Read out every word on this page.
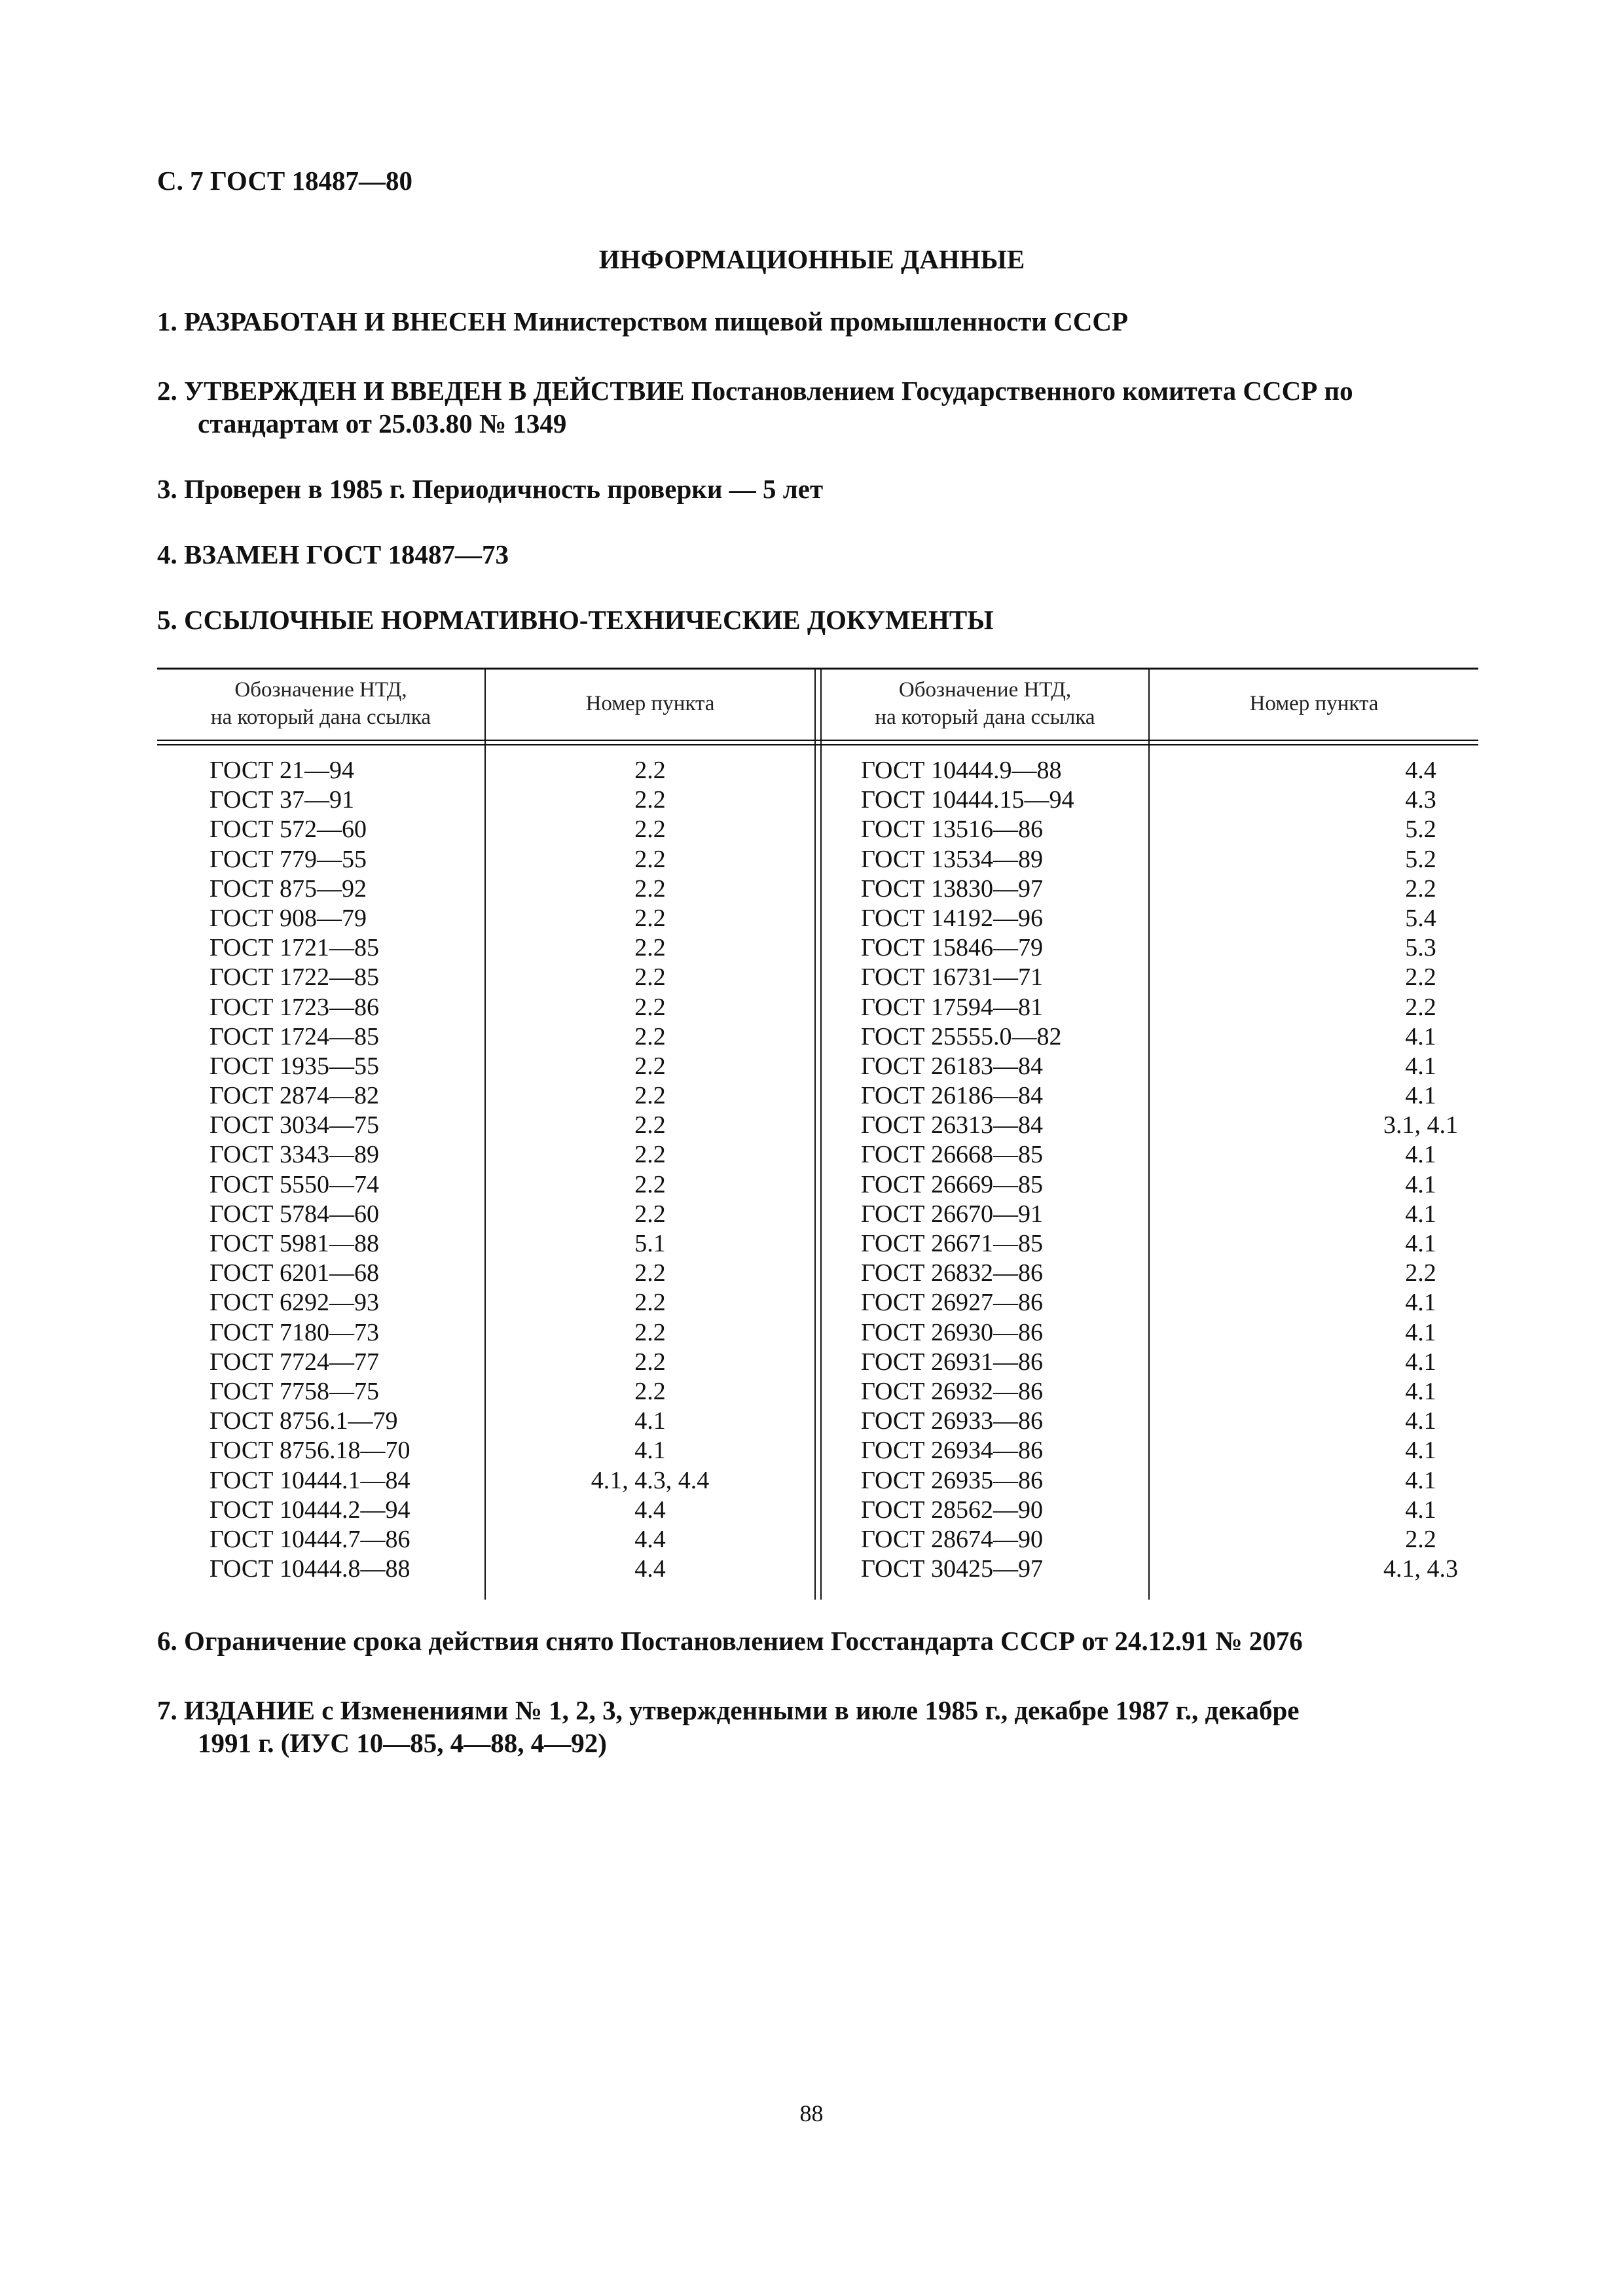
С. 7 ГОСТ 18487—80
ИНФОРМАЦИОННЫЕ ДАННЫЕ
1. РАЗРАБОТАН И ВНЕСЕН Министерством пищевой промышленности СССР
2. УТВЕРЖДЕН И ВВЕДЕН В ДЕЙСТВИЕ Постановлением Государственного комитета СССР по
стандартам от 25.03.80 № 1349
3. Проверен в 1985 г. Периодичность проверки — 5 лет
4. ВЗАМЕН ГОСТ 18487—73
5. ССЫЛОЧНЫЕ НОРМАТИВНО-ТЕХНИЧЕСКИЕ ДОКУМЕНТЫ
Обозначение НТД,
на который дана ссылка
Номер пункта
Обозначение НТД,
на который дана ссылка
Номер пункта
ГОСТ 21—94
ГОСТ 37—91
ГОСТ 572—60
ГОСТ 779—55
ГОСТ 875—92
ГОСТ 908—79
ГОСТ 1721—85
ГОСТ 1722—85
ГОСТ 1723—86
ГОСТ 1724—85
ГОСТ 1935—55
ГОСТ 2874—82
ГОСТ 3034—75
ГОСТ 3343—89
ГОСТ 5550—74
ГОСТ 5784—60
ГОСТ 5981—88
ГОСТ 6201—68
ГОСТ 6292—93
ГОСТ 7180—73
ГОСТ 7724—77
ГОСТ 7758—75
ГОСТ 8756.1—79
ГОСТ 8756.18—70
ГОСТ 10444.1—84
ГОСТ 10444.2—94
ГОСТ 10444.7—86
ГОСТ 10444.8—88
2.2
2.2
2.2
2.2
2.2
2.2
2.2
2.2
2.2
2.2
2.2
2.2
2.2
2.2
2.2
2.2
5.1
2.2
2.2
2.2
2.2
2.2
4.1
4.1
4.1, 4.3, 4.4
4.4
4.4
4.4
ГОСТ 10444.9—88
ГОСТ 10444.15—94
ГОСТ 13516—86
ГОСТ 13534—89
ГОСТ 13830—97
ГОСТ 14192—96
ГОСТ 15846—79
ГОСТ 16731—71
ГОСТ 17594—81
ГОСТ 25555.0—82
ГОСТ 26183—84
ГОСТ 26186—84
ГОСТ 26313—84
ГОСТ 26668—85
ГОСТ 26669—85
ГОСТ 26670—91
ГОСТ 26671—85
ГОСТ 26832—86
ГОСТ 26927—86
ГОСТ 26930—86
ГОСТ 26931—86
ГОСТ 26932—86
ГОСТ 26933—86
ГОСТ 26934—86
ГОСТ 26935—86
ГОСТ 28562—90
ГОСТ 28674—90
ГОСТ 30425—97
4.4
4.3
5.2
5.2
2.2
5.4
5.3
2.2
2.2
4.1
4.1
4.1
3.1, 4.1
4.1
4.1
4.1
4.1
2.2
4.1
4.1
4.1
4.1
4.1
4.1
4.1
4.1
2.2
4.1, 4.3
6. Ограничение срока действия снято Постановлением Госстандарта СССР от 24.12.91 № 2076
7. ИЗДАНИЕ с Изменениями № 1, 2, 3, утвержденными в июле 1985 г., декабре 1987 г., декабре
1991 г. (ИУС 10—85, 4—88, 4—92)
88
